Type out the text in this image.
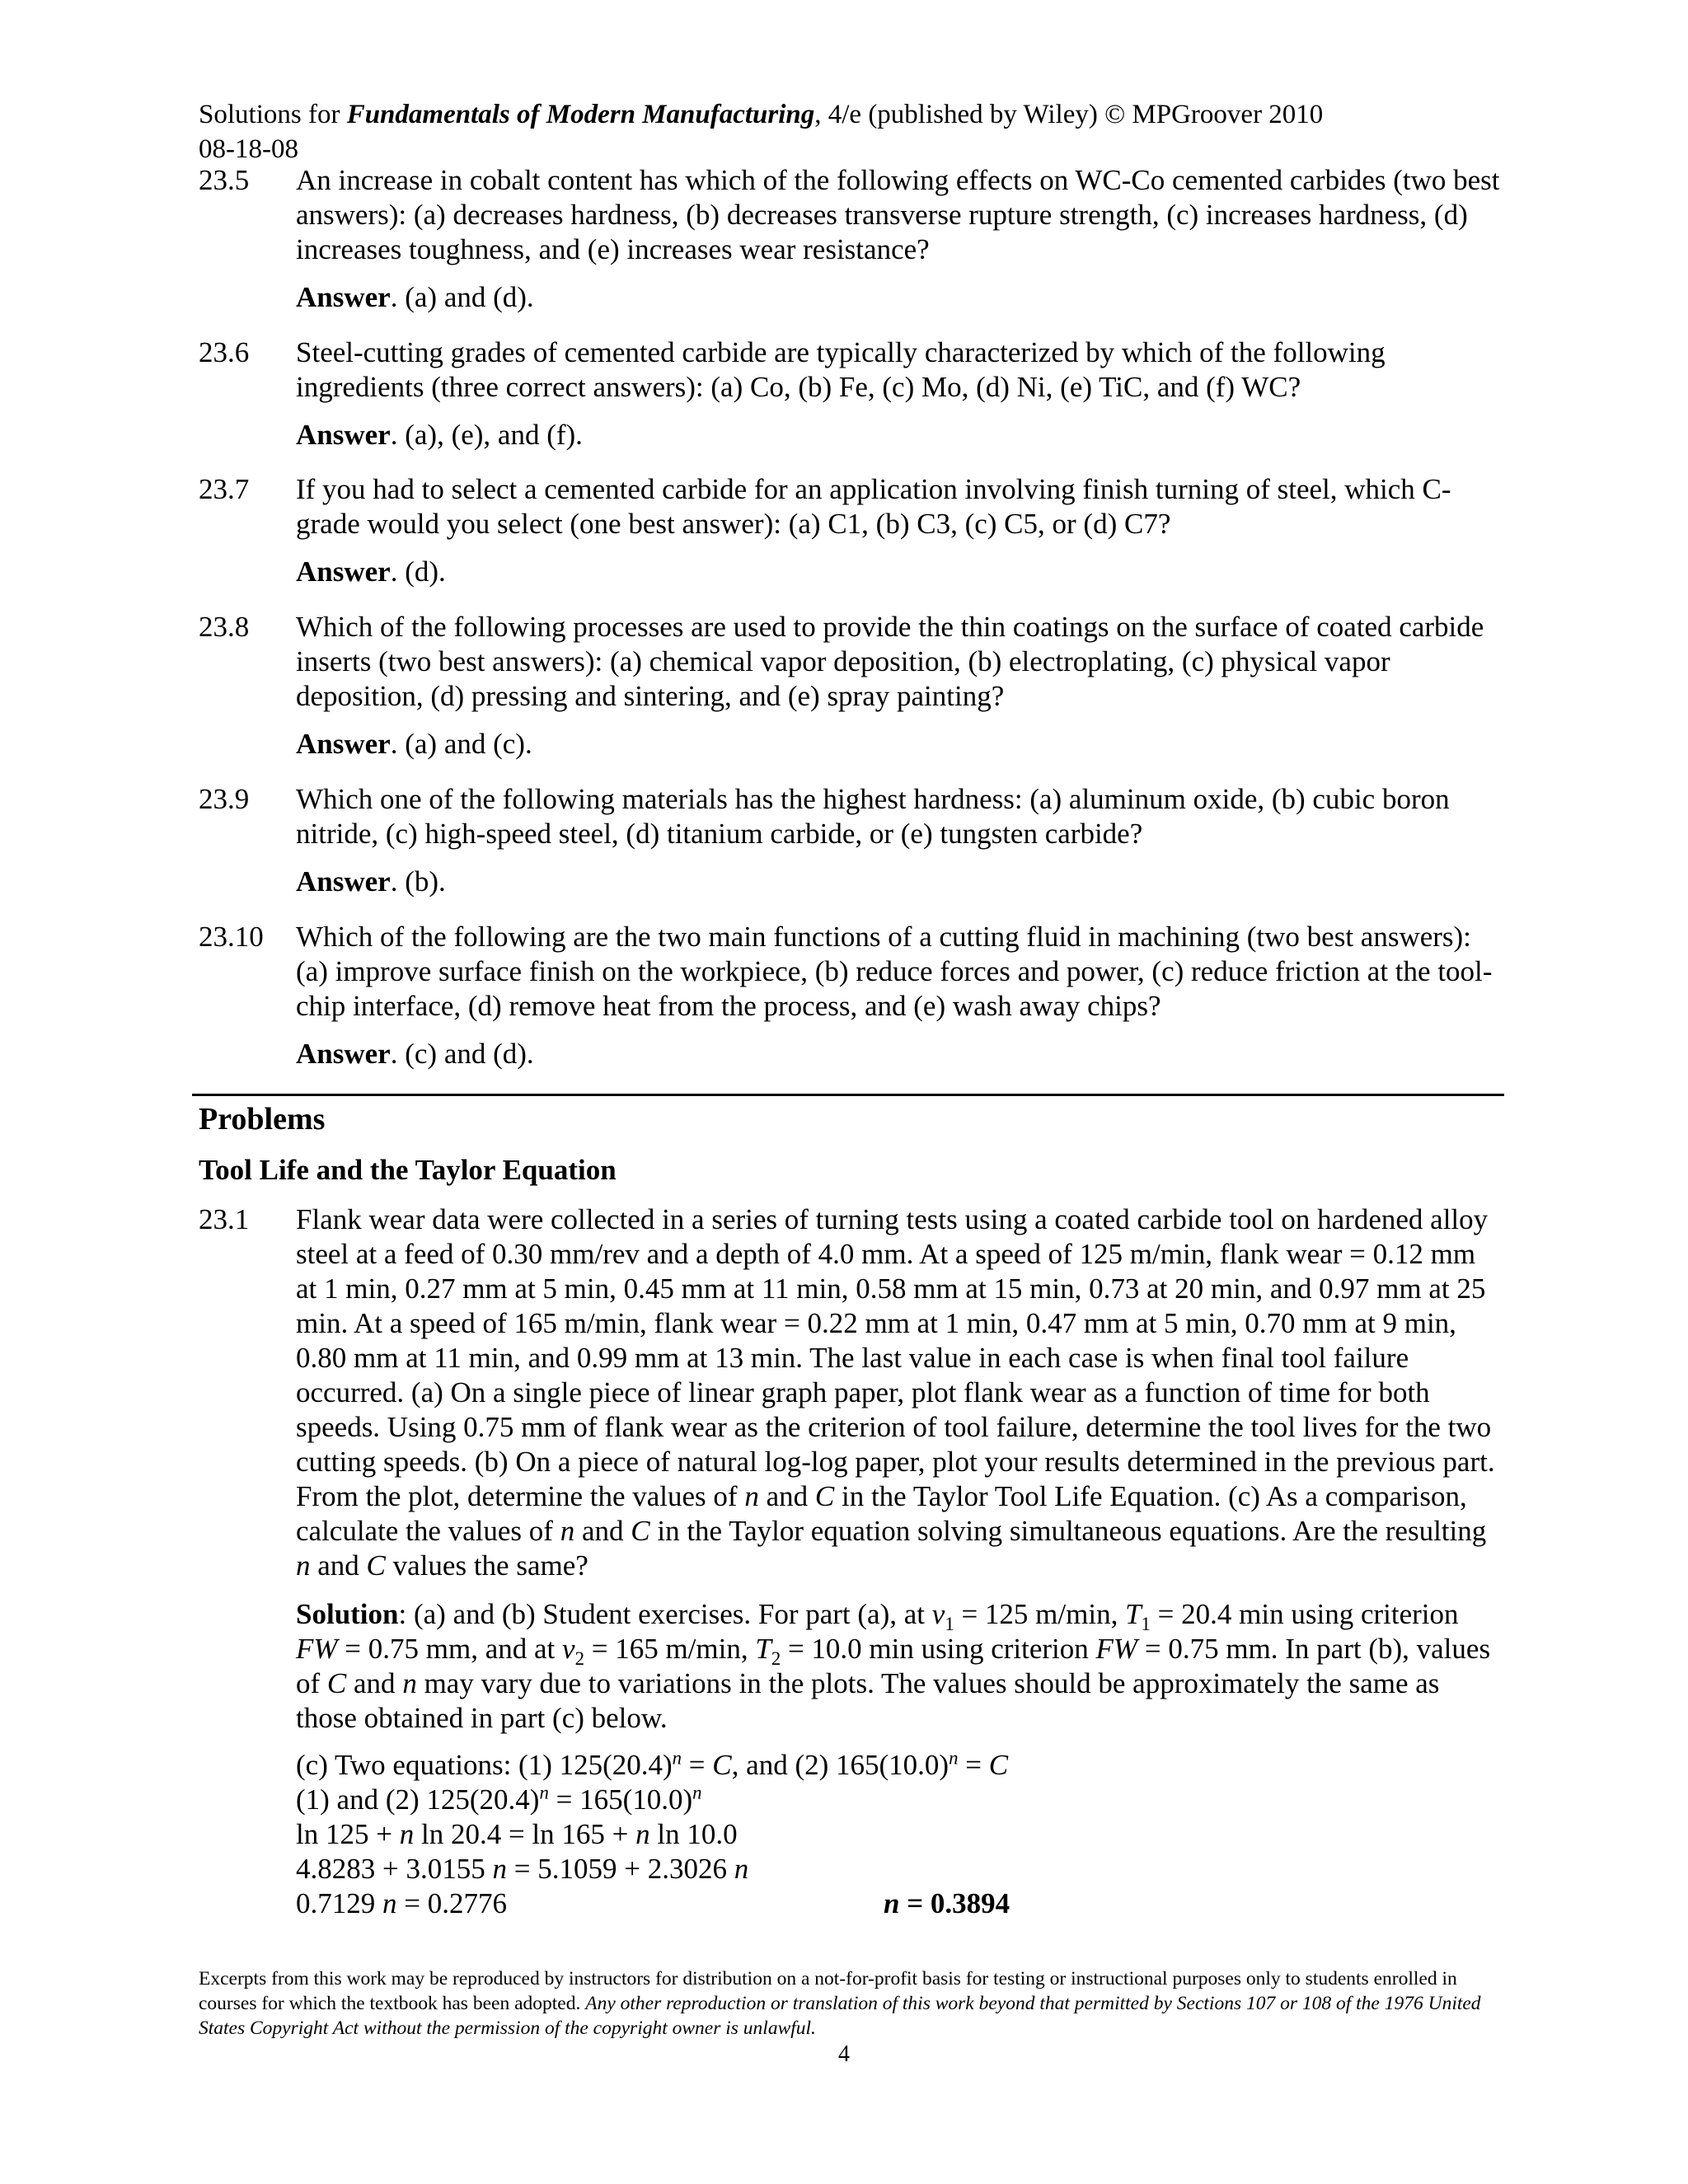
Solutions for Fundamentals of Modern Manufacturing, 4/e (published by Wiley) © MPGroover 2010
08-18-08
23.5 An increase in cobalt content has which of the following effects on WC-Co cemented carbides (two best answers): (a) decreases hardness, (b) decreases transverse rupture strength, (c) increases hardness, (d) increases toughness, and (e) increases wear resistance?
Answer. (a) and (d).
23.6 Steel-cutting grades of cemented carbide are typically characterized by which of the following ingredients (three correct answers): (a) Co, (b) Fe, (c) Mo, (d) Ni, (e) TiC, and (f) WC?
Answer. (a), (e), and (f).
23.7 If you had to select a cemented carbide for an application involving finish turning of steel, which C-grade would you select (one best answer): (a) C1, (b) C3, (c) C5, or (d) C7?
Answer. (d).
23.8 Which of the following processes are used to provide the thin coatings on the surface of coated carbide inserts (two best answers): (a) chemical vapor deposition, (b) electroplating, (c) physical vapor deposition, (d) pressing and sintering, and (e) spray painting?
Answer. (a) and (c).
23.9 Which one of the following materials has the highest hardness: (a) aluminum oxide, (b) cubic boron nitride, (c) high-speed steel, (d) titanium carbide, or (e) tungsten carbide?
Answer. (b).
23.10 Which of the following are the two main functions of a cutting fluid in machining (two best answers): (a) improve surface finish on the workpiece, (b) reduce forces and power, (c) reduce friction at the tool-chip interface, (d) remove heat from the process, and (e) wash away chips?
Answer. (c) and (d).
Problems
Tool Life and the Taylor Equation
23.1 Flank wear data were collected in a series of turning tests using a coated carbide tool on hardened alloy steel at a feed of 0.30 mm/rev and a depth of 4.0 mm. At a speed of 125 m/min, flank wear = 0.12 mm at 1 min, 0.27 mm at 5 min, 0.45 mm at 11 min, 0.58 mm at 15 min, 0.73 at 20 min, and 0.97 mm at 25 min. At a speed of 165 m/min, flank wear = 0.22 mm at 1 min, 0.47 mm at 5 min, 0.70 mm at 9 min, 0.80 mm at 11 min, and 0.99 mm at 13 min. The last value in each case is when final tool failure occurred. (a) On a single piece of linear graph paper, plot flank wear as a function of time for both speeds. Using 0.75 mm of flank wear as the criterion of tool failure, determine the tool lives for the two cutting speeds. (b) On a piece of natural log-log paper, plot your results determined in the previous part. From the plot, determine the values of n and C in the Taylor Tool Life Equation. (c) As a comparison, calculate the values of n and C in the Taylor equation solving simultaneous equations. Are the resulting n and C values the same?
Solution: (a) and (b) Student exercises. For part (a), at $v_1 = 125$ m/min, $T_1 = 20.4$ min using criterion FW = 0.75 mm, and at $v_2 = 165$ m/min, $T_2 = 10.0$ min using criterion FW = 0.75 mm. In part (b), values of C and n may vary due to variations in the plots. The values should be approximately the same as those obtained in part (c) below.
(c) Two equations: (1) $125(20.4)^n = C$, and (2) $165(10.0)^n = C$
(1) and (2) $125(20.4)^n = 165(10.0)^n$
ln 125 + n ln 20.4 = ln 165 + n ln 10.0
4.8283 + 3.0155 n = 5.1059 + 2.3026 n
0.7129 n = 0.2776	n = 0.3894
Excerpts from this work may be reproduced by instructors for distribution on a not-for-profit basis for testing or instructional purposes only to students enrolled in courses for which the textbook has been adopted. Any other reproduction or translation of this work beyond that permitted by Sections 107 or 108 of the 1976 United States Copyright Act without the permission of the copyright owner is unlawful.
4
